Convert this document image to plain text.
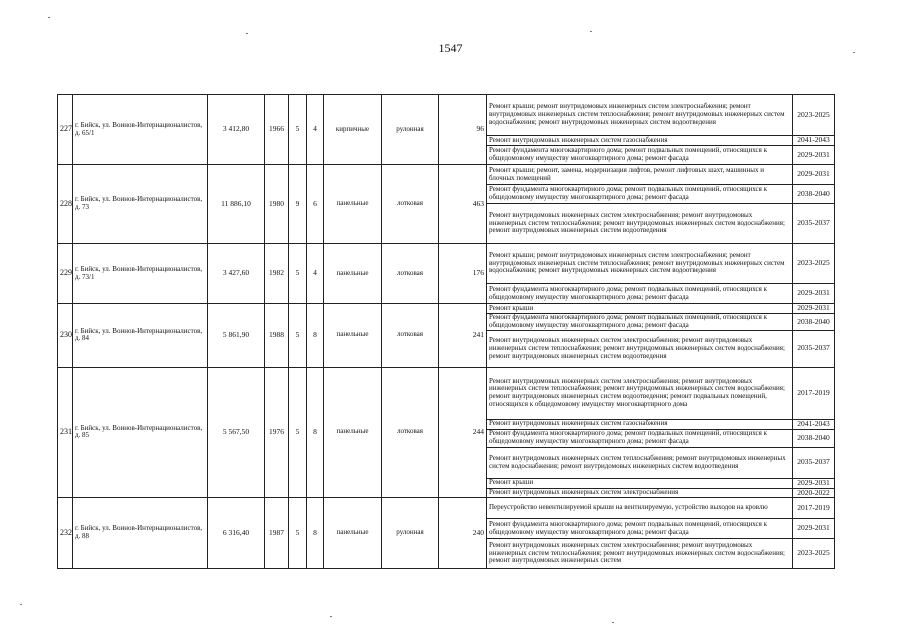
1547
227	г. Бийск, ул. Воинов-Интернационалистов, д. 65/1	3 412,80	1966	5	4	кирпичные	рулонная	96	Ремонт крыши; ремонт внутридомовых инженерных систем электроснабжения; ремонт внутридомовых инженерных систем теплоснабжения; ремонт внутридомовых инженерных систем водоснабжения; ремонт внутридомовых инженерных систем водоотведения	2023-2025
									Ремонт внутридомовых инженерных систем газоснабжения	2041-2043
									Ремонт фундамента многоквартирного дома; ремонт подвальных помещений, относящихся к общедомовому имуществу многоквартирного дома; ремонт фасада	2029-2031
228	г. Бийск, ул. Воинов-Интернационалистов, д. 73	11 886,10	1980	9	6	панельные	лотковая	463	Ремонт крыши; ремонт, замена, модернизация лифтов, ремонт лифтовых шахт, машинных и блочных помещений	2029-2031
									Ремонт фундамента многоквартирного дома; ремонт подвальных помещений, относящихся к общедомовому имуществу многоквартирного дома; ремонт фасада	2038-2040
									Ремонт внутридомовых инженерных систем электроснабжения; ремонт внутридомовых инженерных систем теплоснабжения; ремонт внутридомовых инженерных систем водоснабжения; ремонт внутридомовых инженерных систем водоотведения	2035-2037
229	г. Бийск, ул. Воинов-Интернационалистов, д. 73/1	3 427,60	1982	5	4	панельные	лотковая	176	Ремонт крыши; ремонт внутридомовых инженерных систем электроснабжения; ремонт внутридомовых инженерных систем теплоснабжения; ремонт внутридомовых инженерных систем водоснабжения; ремонт внутридомовых инженерных систем водоотведения	2023-2025
									Ремонт фундамента многоквартирного дома; ремонт подвальных помещений, относящихся к общедомовому имуществу многоквартирного дома; ремонт фасада	2029-2031
230	г. Бийск, ул. Воинов-Интернационалистов, д. 84	5 861,90	1988	5	8	панельные	лотковая	241	Ремонт крыши	2029-2031
									Ремонт фундамента многоквартирного дома; ремонт подвальных помещений, относящихся к общедомовому имуществу многоквартирного дома; ремонт фасада	2038-2040
									Ремонт внутридомовых инженерных систем электроснабжения; ремонт внутридомовых инженерных систем теплоснабжения; ремонт внутридомовых инженерных систем водоснабжения; ремонт внутридомовых инженерных систем водоотведения	2035-2037
231	г. Бийск, ул. Воинов-Интернационалистов, д. 85	5 567,50	1976	5	8	панельные	лотковая	244	Ремонт внутридомовых инженерных систем электроснабжения; ремонт внутридомовых инженерных систем теплоснабжения; ремонт внутридомовых инженерных систем водоснабжения; ремонт внутридомовых инженерных систем водоотведения; ремонт подвальных помещений, относящихся к общедомовому имуществу многоквартирного дома	2017-2019
									Ремонт внутридомовых инженерных систем газоснабжения	2041-2043
									Ремонт фундамента многоквартирного дома; ремонт подвальных помещений, относящихся к общедомовому имуществу многоквартирного дома; ремонт фасада	2038-2040
									Ремонт внутридомовых инженерных систем теплоснабжения; ремонт внутридомовых инженерных систем водоснабжения; ремонт внутридомовых инженерных систем водоотведения	2035-2037
									Ремонт крыши	2029-2031
									Ремонт внутридомовых инженерных систем электроснабжения	2020-2022
232	г. Бийск, ул. Воинов-Интернационалистов, д. 88	6 316,40	1987	5	8	панельные	рулонная	240	Переустройство невентилируемой крыши на вентилируемую, устройство выходов на кровлю	2017-2019
									Ремонт фундамента многоквартирного дома; ремонт подвальных помещений, относящихся к общедомовому имуществу многоквартирного дома; ремонт фасада	2029-2031
									Ремонт внутридомовых инженерных систем электроснабжения; ремонт внутридомовых инженерных систем теплоснабжения; ремонт внутридомовых инженерных систем водоснабжения; ремонт внутридомовых инженерных систем	2023-2025
